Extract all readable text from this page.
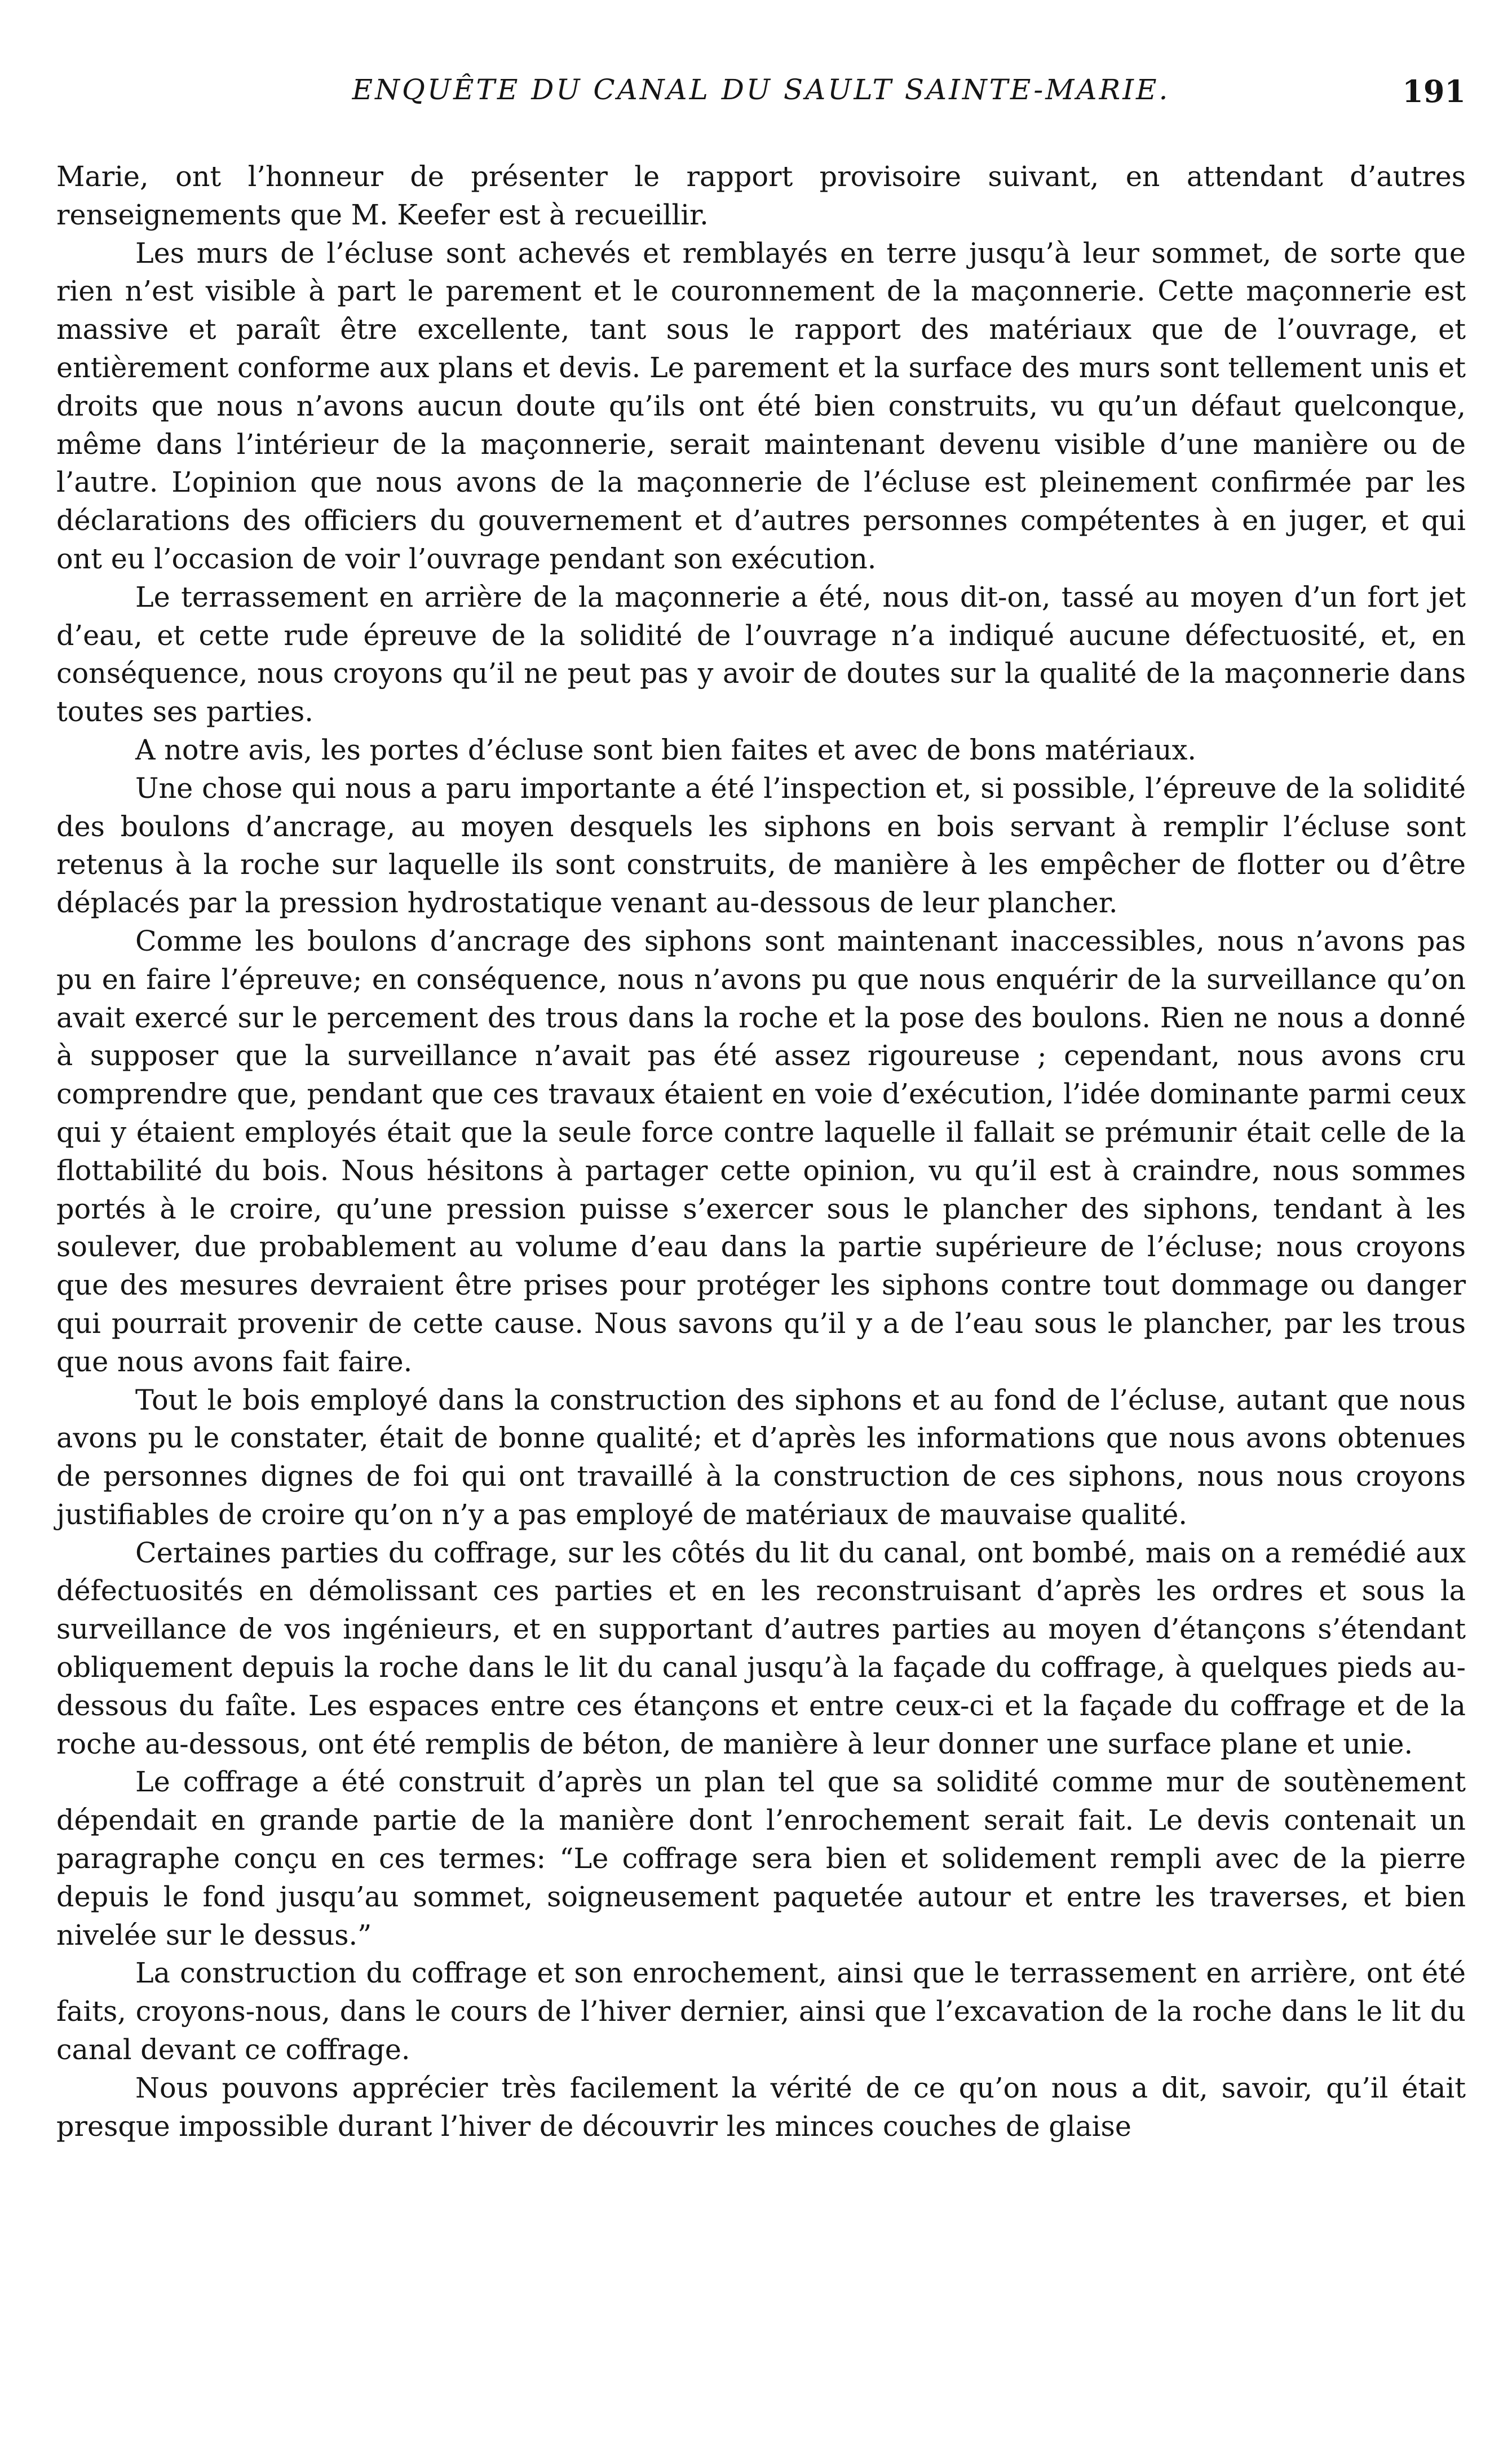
ENQUÊTE DU CANAL DU SAULT SAINTE-MARIE.	191

Marie, ont l’honneur de présenter le rapport provisoire suivant, en attendant d’autres renseignements que M. Keefer est à recueillir.

Les murs de l’écluse sont achevés et remblayés en terre jusqu’à leur sommet, de sorte que rien n’est visible à part le parement et le couronnement de la maçonnerie. Cette maçonnerie est massive et paraît être excellente, tant sous le rapport des matériaux que de l’ouvrage, et entièrement conforme aux plans et devis. Le parement et la surface des murs sont tellement unis et droits que nous n’avons aucun doute qu’ils ont été bien construits, vu qu’un défaut quelconque, même dans l’intérieur de la maçonnerie, serait maintenant devenu visible d’une manière ou de l’autre. L’opinion que nous avons de la maçonnerie de l’écluse est pleinement confirmée par les déclarations des officiers du gouvernement et d’autres personnes compétentes à en juger, et qui ont eu l’occasion de voir l’ouvrage pendant son exécution.

Le terrassement en arrière de la maçonnerie a été, nous dit-on, tassé au moyen d’un fort jet d’eau, et cette rude épreuve de la solidité de l’ouvrage n’a indiqué aucune défectuosité, et, en conséquence, nous croyons qu’il ne peut pas y avoir de doutes sur la qualité de la maçonnerie dans toutes ses parties.

A notre avis, les portes d’écluse sont bien faites et avec de bons matériaux.

Une chose qui nous a paru importante a été l’inspection et, si possible, l’épreuve de la solidité des boulons d’ancrage, au moyen desquels les siphons en bois servant à remplir l’écluse sont retenus à la roche sur laquelle ils sont construits, de manière à les empêcher de flotter ou d’être déplacés par la pression hydrostatique venant au-dessous de leur plancher.

Comme les boulons d’ancrage des siphons sont maintenant inaccessibles, nous n’avons pas pu en faire l’épreuve; en conséquence, nous n’avons pu que nous enquérir de la surveillance qu’on avait exercé sur le percement des trous dans la roche et la pose des boulons. Rien ne nous a donné à supposer que la surveillance n’avait pas été assez rigoureuse ; cependant, nous avons cru comprendre que, pendant que ces travaux étaient en voie d’exécution, l’idée dominante parmi ceux qui y étaient employés était que la seule force contre laquelle il fallait se prémunir était celle de la flottabilité du bois. Nous hésitons à partager cette opinion, vu qu’il est à craindre, nous sommes portés à le croire, qu’une pression puisse s’exercer sous le plancher des siphons, tendant à les soulever, due probablement au volume d’eau dans la partie supérieure de l’écluse; nous croyons que des mesures devraient être prises pour protéger les siphons contre tout dommage ou danger qui pourrait provenir de cette cause. Nous savons qu’il y a de l’eau sous le plancher, par les trous que nous avons fait faire.

Tout le bois employé dans la construction des siphons et au fond de l’écluse, autant que nous avons pu le constater, était de bonne qualité; et d’après les informations que nous avons obtenues de personnes dignes de foi qui ont travaillé à la construction de ces siphons, nous nous croyons justifiables de croire qu’on n’y a pas employé de matériaux de mauvaise qualité.

Certaines parties du coffrage, sur les côtés du lit du canal, ont bombé, mais on a remédié aux défectuosités en démolissant ces parties et en les reconstruisant d’après les ordres et sous la surveillance de vos ingénieurs, et en supportant d’autres parties au moyen d’étançons s’étendant obliquement depuis la roche dans le lit du canal jusqu’à la façade du coffrage, à quelques pieds au-dessous du faîte. Les espaces entre ces étançons et entre ceux-ci et la façade du coffrage et de la roche au-dessous, ont été remplis de béton, de manière à leur donner une surface plane et unie.

Le coffrage a été construit d’après un plan tel que sa solidité comme mur de soutènement dépendait en grande partie de la manière dont l’enrochement serait fait. Le devis contenait un paragraphe conçu en ces termes: “Le coffrage sera bien et solidement rempli avec de la pierre depuis le fond jusqu’au sommet, soigneusement paquetée autour et entre les traverses, et bien nivelée sur le dessus.”

La construction du coffrage et son enrochement, ainsi que le terrassement en arrière, ont été faits, croyons-nous, dans le cours de l’hiver dernier, ainsi que l’excavation de la roche dans le lit du canal devant ce coffrage.

Nous pouvons apprécier très facilement la vérité de ce qu’on nous a dit, savoir, qu’il était presque impossible durant l’hiver de découvrir les minces couches de glaise
